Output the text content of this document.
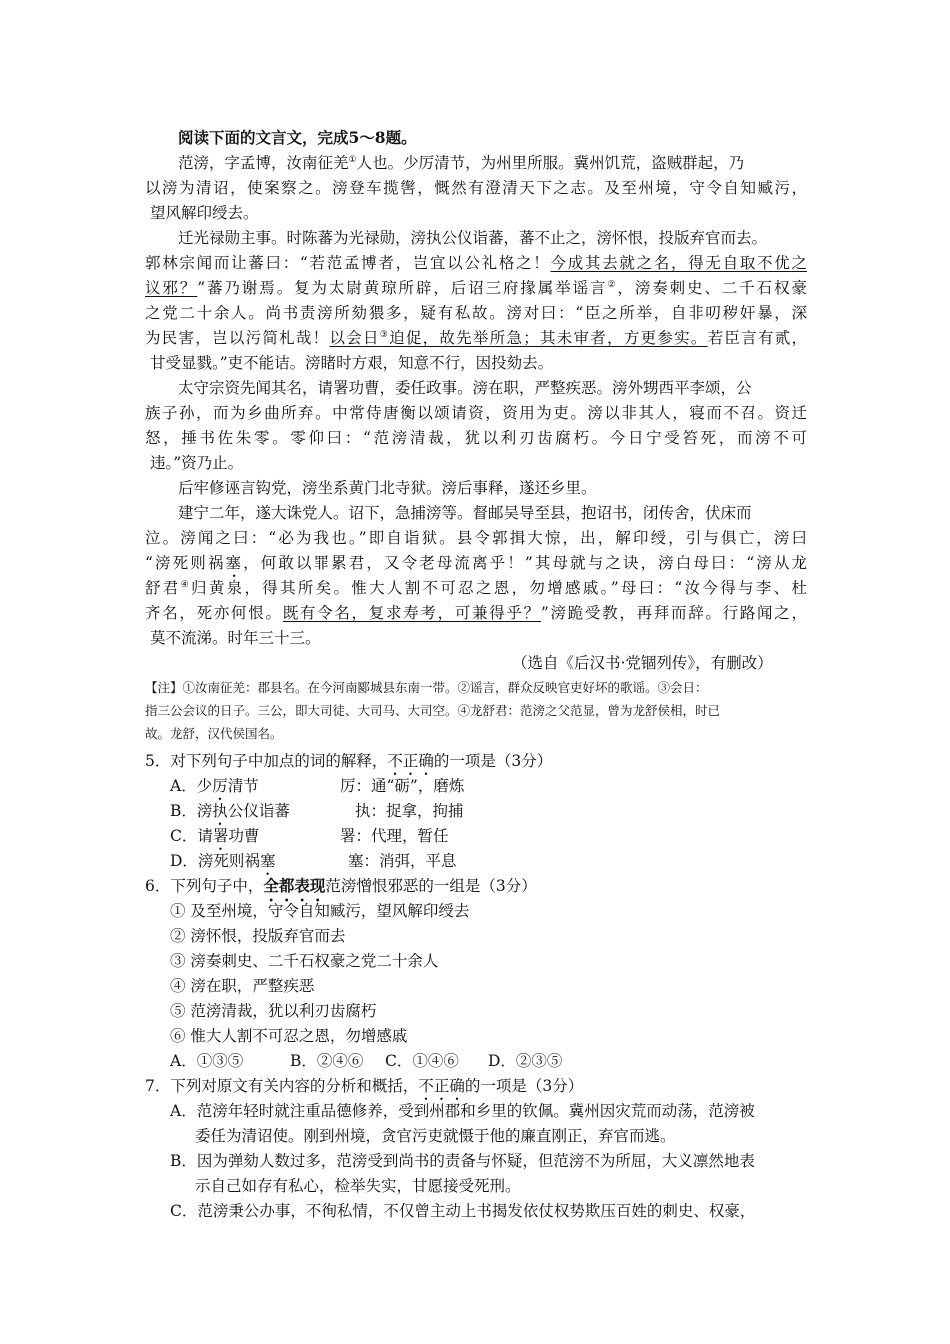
阅读下面的文言文，完成5～8题。
范滂，字孟博，汝南征羌①人也。少厉清节，为州里所服。冀州饥荒，盗贼群起，乃
以滂为清诏，使案察之。滂登车揽辔，慨然有澄清天下之志。及至州境，守令自知臧污，
望风解印绶去。
迁光禄勋主事。时陈蕃为光禄勋，滂执公仪诣蕃，蕃不止之，滂怀恨，投版弃官而去。
郭林宗闻而让蕃曰：“若范孟博者，岂宜以公礼格之！今成其去就之名，得无自取不优之
议邪？”蕃乃谢焉。复为太尉黄琼所辟，后诏三府掾属举谣言②，滂奏刺史、二千石权豪
之党二十余人。尚书责滂所劾猥多，疑有私故。滂对曰：“臣之所举，自非叨秽奸暴，深
为民害，岂以污简札哉！以会日③迫促，故先举所急；其未审者，方更参实。若臣言有贰，
甘受显戮。”吏不能诘。滂睹时方艰，知意不行，因投劾去。
太守宗资先闻其名，请署功曹，委任政事。滂在职，严整疾恶。滂外甥西平李颂，公
族子孙，而为乡曲所弃。中常侍唐衡以颂请资，资用为吏。滂以非其人，寝而不召。资迁
怒，捶书佐朱零。零仰曰：“范滂清裁，犹以利刃齿腐朽。今日宁受笞死，而滂不可
违。”资乃止。
后牢修诬言钩党，滂坐系黄门北寺狱。滂后事释，遂还乡里。
建宁二年，遂大诛党人。诏下，急捕滂等。督邮吴导至县，抱诏书，闭传舍，伏床而
泣。滂闻之曰：“必为我也。”即自诣狱。县令郭揖大惊，出，解印绶，引与俱亡，滂曰
“滂死则祸塞，何敢以罪累君，又令老母流离乎！”其母就与之诀，滂白母曰：“滂从龙
舒君④归黄泉，得其所矣。惟大人割不可忍之恩，勿增感戚。”母曰：“汝今得与李、杜
齐名，死亦何恨。既有令名，复求寿考，可兼得乎？”滂跪受教，再拜而辞。行路闻之，
莫不流涕。时年三十三。
（选自《后汉书·党锢列传》，有删改）
【注】①汝南征羌：郡县名。在今河南郾城县东南一带。②谣言，群众反映官吏好坏的歌谣。③会日：
指三公会议的日子。三公，即大司徒、大司马、大司空。④龙舒君：范滂之父范显，曾为龙舒侯相，时已
故。龙舒，汉代侯国名。
5．对下列句子中加点的词的解释，不正确的一项是（3分）
A．少厉清节	厉：通“砺”，磨炼
B．滂执公仪诣蕃	执：捉拿，拘捕
C．请署功曹	署：代理，暂任
D．滂死则祸塞	塞：消弭，平息
6．下列句子中，全都表现范滂憎恨邪恶的一组是（3分）
① 及至州境，守令自知臧污，望风解印绶去
② 滂怀恨，投版弃官而去
③ 滂奏刺史、二千石权豪之党二十余人
④ 滂在职，严整疾恶
⑤ 范滂清裁，犹以利刃齿腐朽
⑥ 惟大人割不可忍之恩，勿增感戚
A．①③⑤	B．②④⑥ C．①④⑥ D．②③⑤
7．下列对原文有关内容的分析和概括，不正确的一项是（3分）
A．范滂年轻时就注重品德修养，受到州郡和乡里的钦佩。冀州因灾荒而动荡，范滂被
委任为清诏使。刚到州境，贪官污吏就慑于他的廉直刚正，弃官而逃。
B．因为弹劾人数过多，范滂受到尚书的责备与怀疑，但范滂不为所屈，大义凛然地表
示自己如存有私心，检举失实，甘愿接受死刑。
C．范滂秉公办事，不徇私情，不仅曾主动上书揭发依仗权势欺压百姓的刺史、权豪，
